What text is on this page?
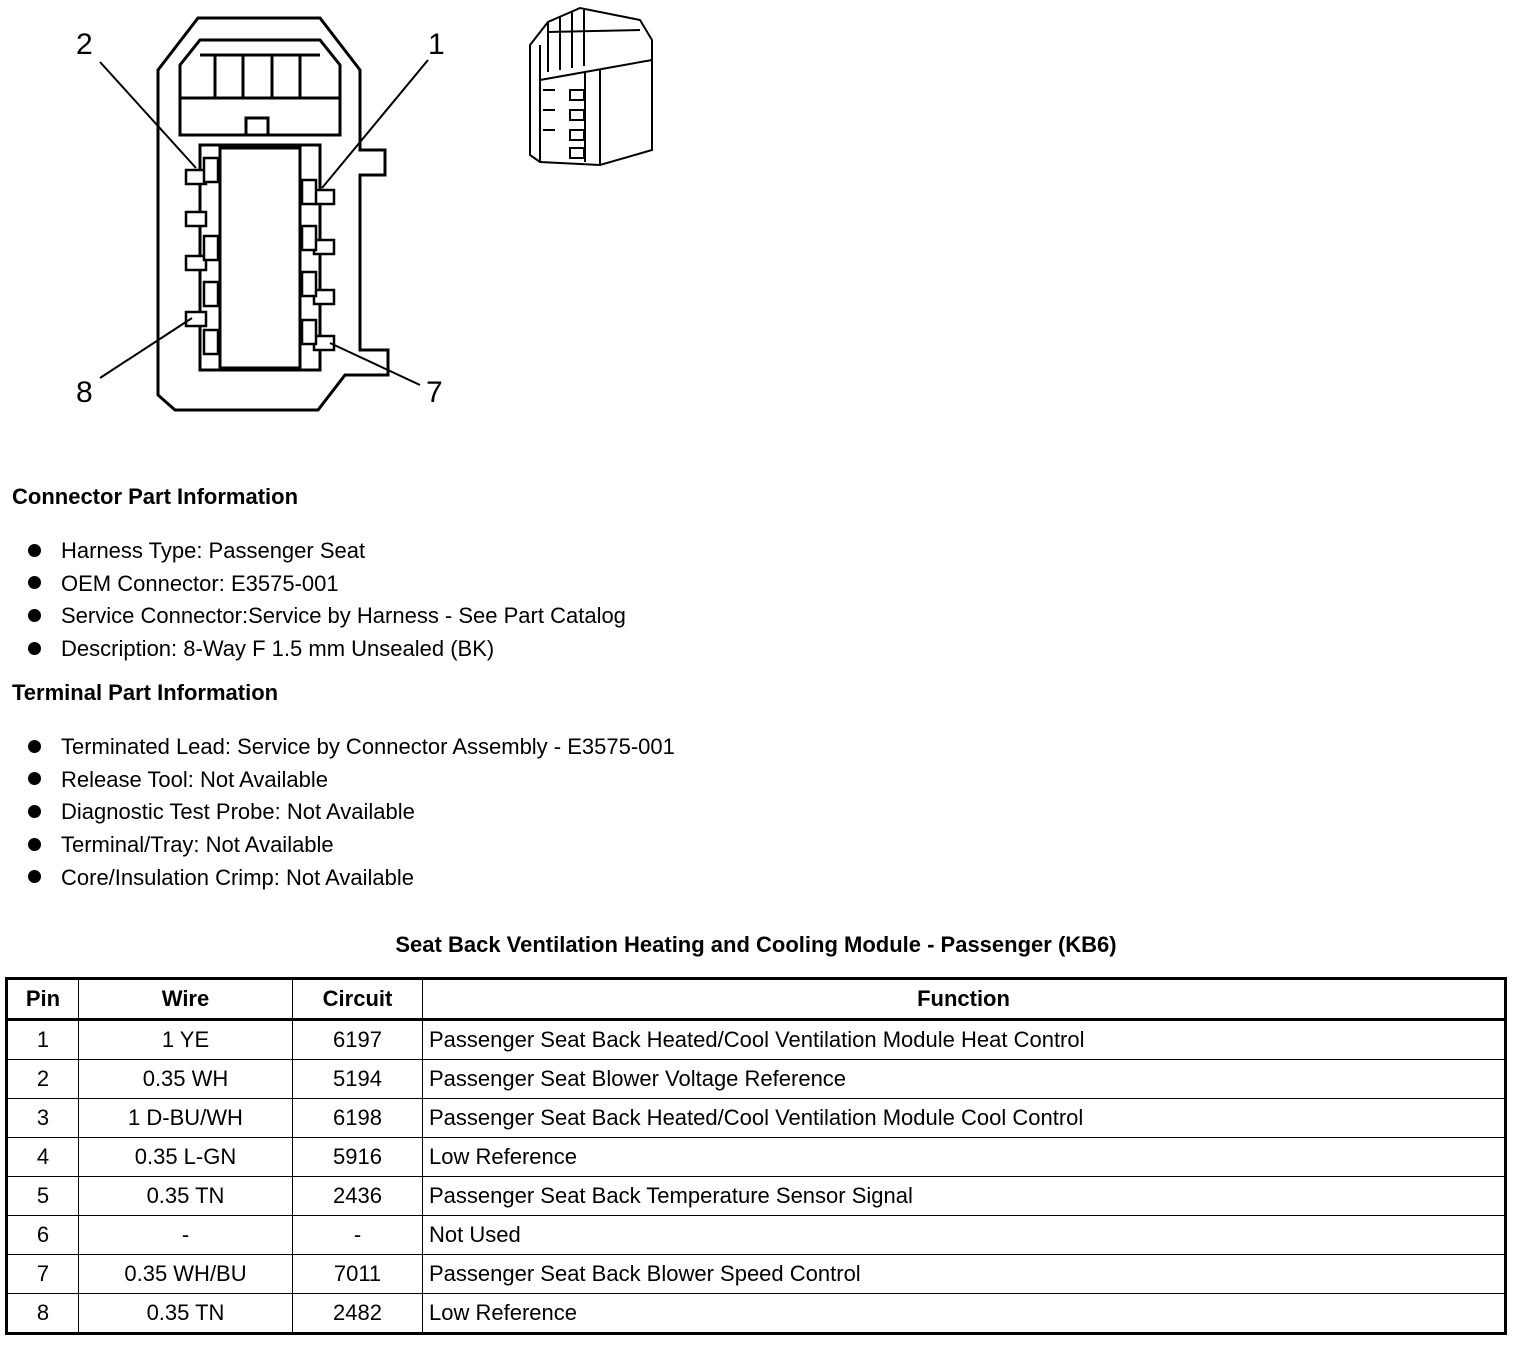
2	1
8	7
Connector Part Information
Harness Type: Passenger Seat
OEM Connector: E3575-001
Service Connector:Service by Harness - See Part Catalog
Description: 8-Way F 1.5 mm Unsealed (BK)
Terminal Part Information
Terminated Lead: Service by Connector Assembly - E3575-001
Release Tool: Not Available
Diagnostic Test Probe: Not Available
Terminal/Tray: Not Available
Core/Insulation Crimp: Not Available
Seat Back Ventilation Heating and Cooling Module - Passenger (KB6)
Pin	Wire	Circuit	Function
1	1 YE	6197	Passenger Seat Back Heated/Cool Ventilation Module Heat Control
2	0.35 WH	5194	Passenger Seat Blower Voltage Reference
3	1 D-BU/WH	6198	Passenger Seat Back Heated/Cool Ventilation Module Cool Control
4	0.35 L-GN	5916	Low Reference
5	0.35 TN	2436	Passenger Seat Back Temperature Sensor Signal
6	-	-	Not Used
7	0.35 WH/BU	7011	Passenger Seat Back Blower Speed Control
8	0.35 TN	2482	Low Reference
